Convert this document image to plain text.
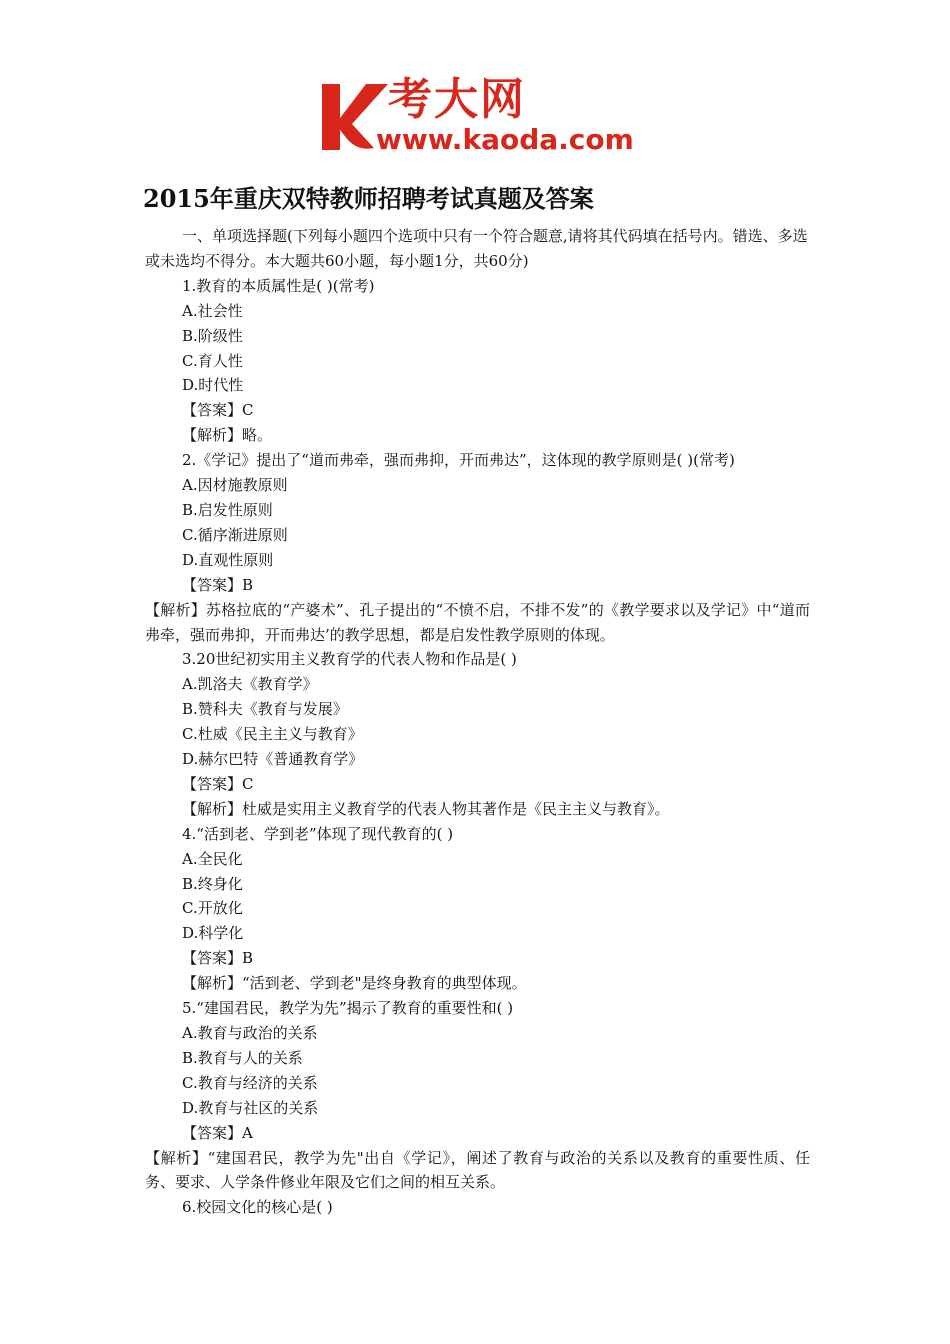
考大网
www.kaoda.com
2015年重庆双特教师招聘考试真题及答案

一、单项选择题(下列每小题四个选项中只有一个符合题意,请将其代码填在括号内。错选、多选或未选均不得分。本大题共60小题，每小题1分，共60分)

1.教育的本质属性是( )(常考)

A.社会性

B.阶级性

C.育人性

D.时代性

【答案】C

【解析】略。

2.《学记》提出了“道而弗牵，强而弗抑，开而弗达”，这体现的教学原则是( )(常考)

A.因材施教原则

B.启发性原则

C.循序渐进原则

D.直观性原则

【答案】B

【解析】苏格拉底的“产婆术”、孔子提出的“不愤不启，不排不发”的《教学要求以及学记》中“道而弗牵，强而弗抑，开而弗达’的教学思想，都是启发性教学原则的体现。

3.20世纪初实用主义教育学的代表人物和作品是( )

A.凯洛夫《教育学》

B.赞科夫《教育与发展》

C.杜威《民主主义与教育》

D.赫尔巴特《普通教育学》

【答案】C

【解析】杜威是实用主义教育学的代表人物其著作是《民主主义与教育》。

4.“活到老、学到老”体现了现代教育的( )

A.全民化

B.终身化

C.开放化

D.科学化

【答案】B

【解析】“活到老、学到老"是终身教育的典型体现。

5.“建国君民，教学为先”揭示了教育的重要性和( )

A.教育与政治的关系

B.教育与人的关系

C.教育与经济的关系

D.教育与社区的关系

【答案】A

【解析】“建国君民，教学为先"出自《学记》，阐述了教育与政治的关系以及教育的重要性质、任务、要求、人学条件修业年限及它们之间的相互关系。

6.校园文化的核心是( )
